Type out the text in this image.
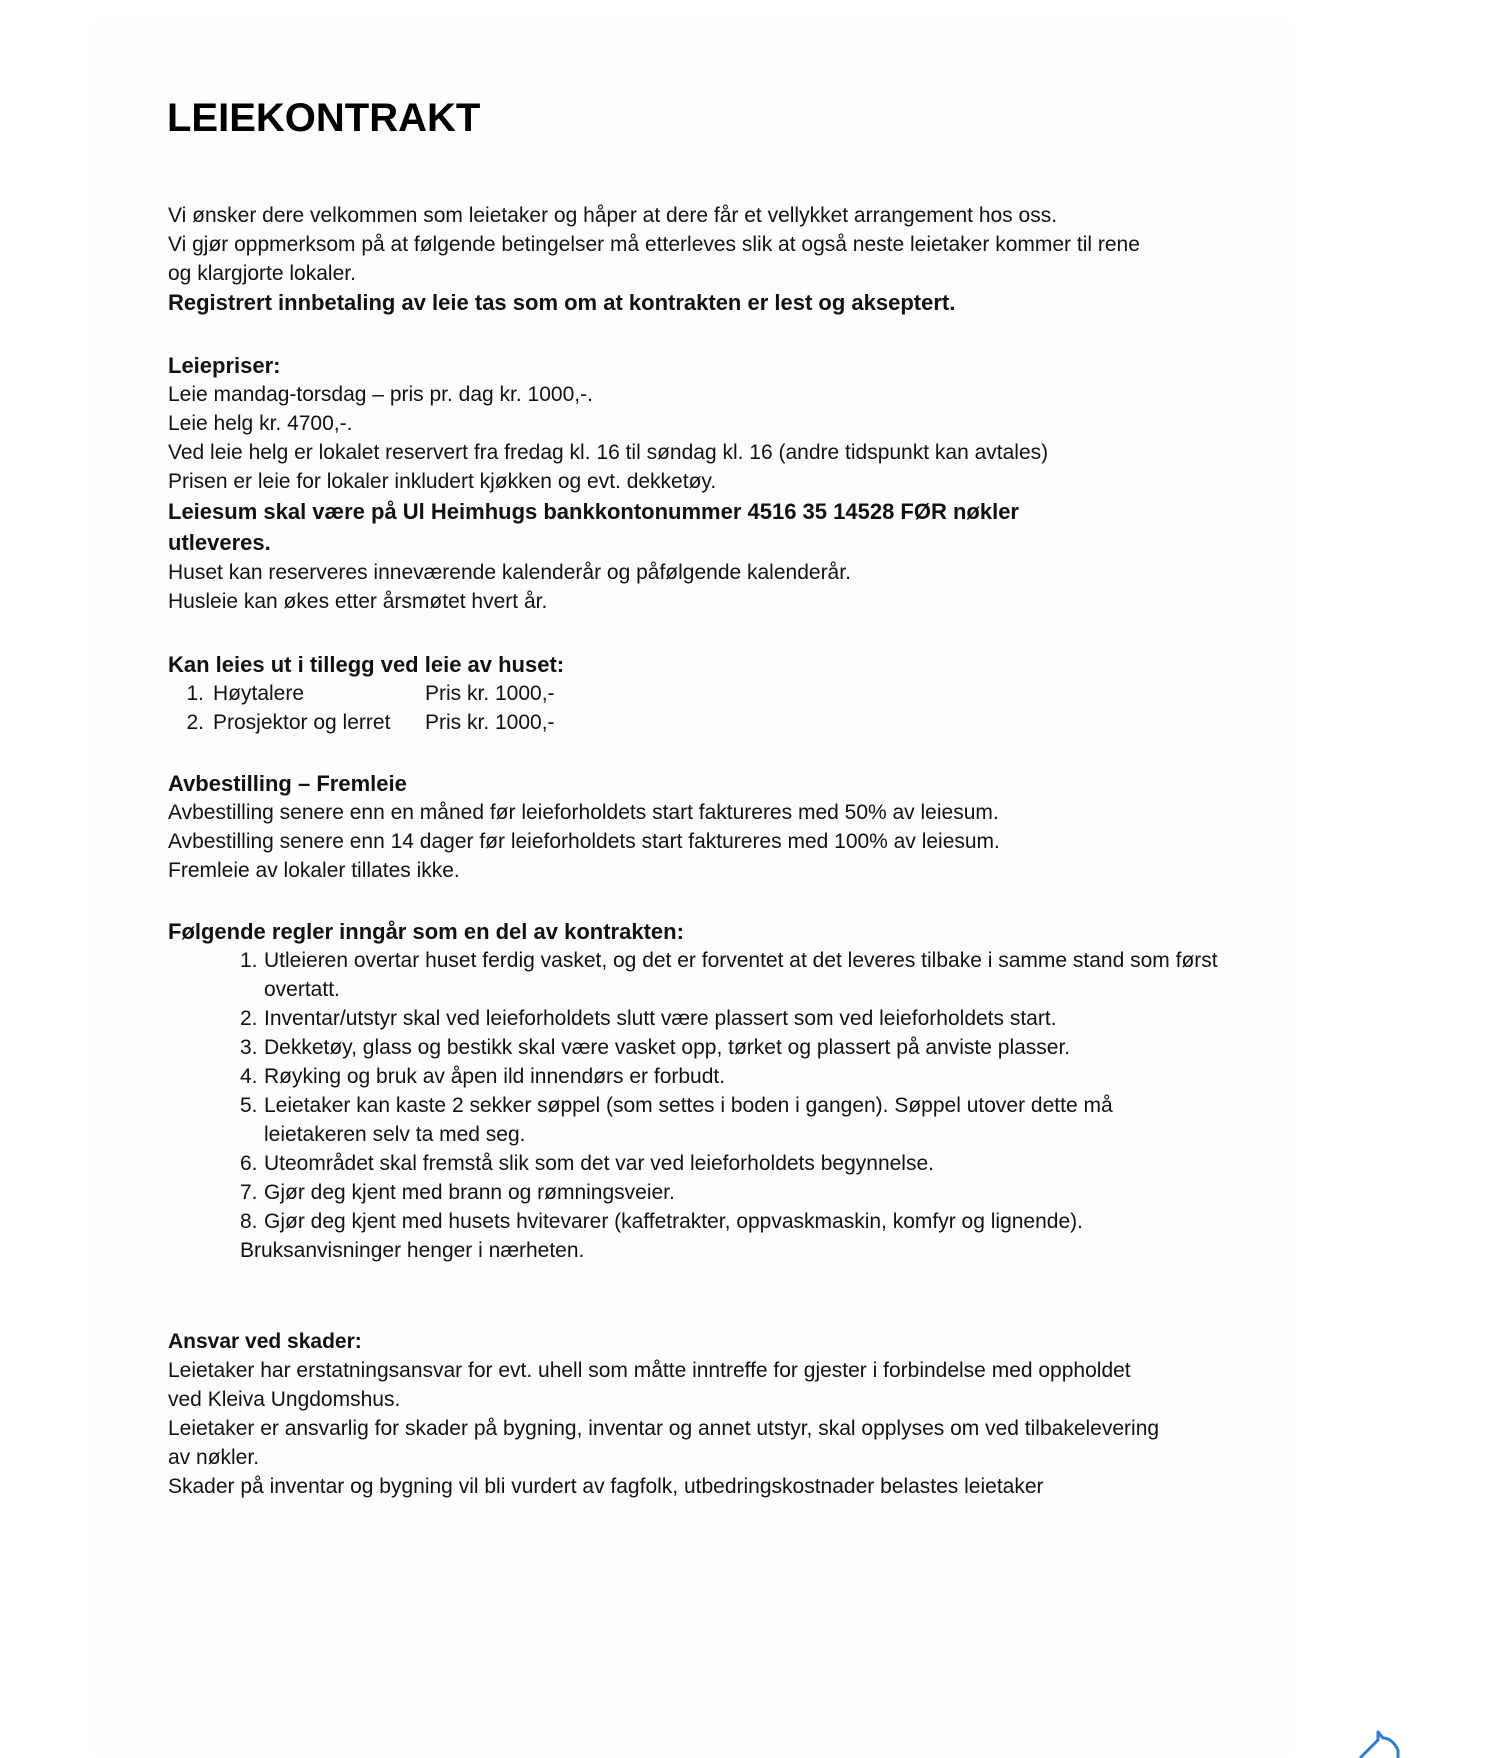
LEIEKONTRAKT
Vi ønsker dere velkommen som leietaker og håper at dere får et vellykket arrangement hos oss.
Vi gjør oppmerksom på at følgende betingelser må etterleves slik at også neste leietaker kommer til rene
og klargjorte lokaler.
Registrert innbetaling av leie tas som om at kontrakten er lest og akseptert.
Leiepriser:
Leie mandag-torsdag – pris pr. dag kr. 1000,-.
Leie helg kr. 4700,-.
Ved leie helg er lokalet reservert fra fredag kl. 16 til søndag kl. 16 (andre tidspunkt kan avtales)
Prisen er leie for lokaler inkludert kjøkken og evt. dekketøy.
Leiesum skal være på Ul Heimhugs bankkontonummer 4516 35 14528 FØR nøkler
utleveres.
Huset kan reserveres inneværende kalenderår og påfølgende kalenderår.
Husleie kan økes etter årsmøtet hvert år.
Kan leies ut i tillegg ved leie av huset:
1. Høytalere	Pris kr. 1000,-
2. Prosjektor og lerret	Pris kr. 1000,-
Avbestilling – Fremleie
Avbestilling senere enn en måned før leieforholdets start faktureres med 50% av leiesum.
Avbestilling senere enn 14 dager før leieforholdets start faktureres med 100% av leiesum.
Fremleie av lokaler tillates ikke.
Følgende regler inngår som en del av kontrakten:
1. Utleieren overtar huset ferdig vasket, og det er forventet at det leveres tilbake i samme stand som først overtatt.
2. Inventar/utstyr skal ved leieforholdets slutt være plassert som ved leieforholdets start.
3. Dekketøy, glass og bestikk skal være vasket opp, tørket og plassert på anviste plasser.
4. Røyking og bruk av åpen ild innendørs er forbudt.
5. Leietaker kan kaste 2 sekker søppel (som settes i boden i gangen). Søppel utover dette må leietakeren selv ta med seg.
6. Uteområdet skal fremstå slik som det var ved leieforholdets begynnelse.
7. Gjør deg kjent med brann og rømningsveier.
8. Gjør deg kjent med husets hvitevarer (kaffetrakter, oppvaskmaskin, komfyr og lignende).
Bruksanvisninger henger i nærheten.
Ansvar ved skader:
Leietaker har erstatningsansvar for evt. uhell som måtte inntreffe for gjester i forbindelse med oppholdet
ved Kleiva Ungdomshus.
Leietaker er ansvarlig for skader på bygning, inventar og annet utstyr, skal opplyses om ved tilbakelevering
av nøkler.
Skader på inventar og bygning vil bli vurdert av fagfolk, utbedringskostnader belastes leietaker
